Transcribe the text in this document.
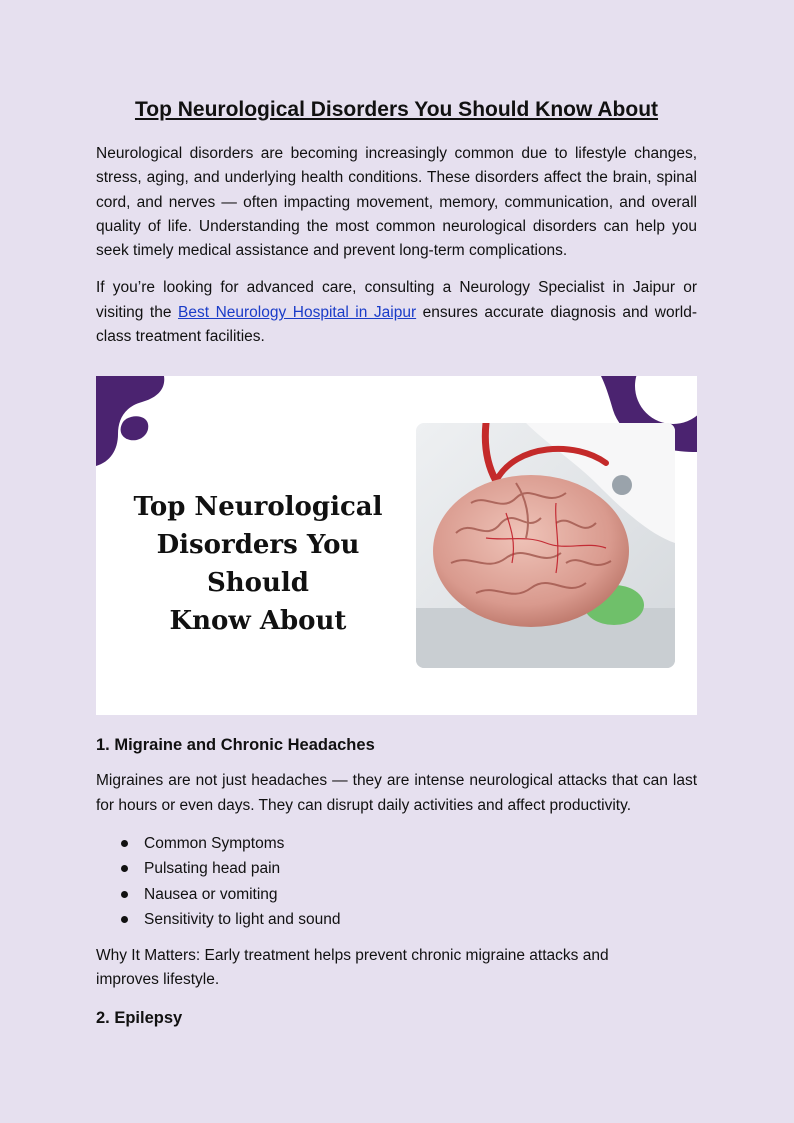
Top Neurological Disorders You Should Know About

Neurological disorders are becoming increasingly common due to lifestyle changes, stress, aging, and underlying health conditions. These disorders affect the brain, spinal cord, and nerves — often impacting movement, memory, communication, and overall quality of life. Understanding the most common neurological disorders can help you seek timely medical assistance and prevent long-term complications.

If you’re looking for advanced care, consulting a Neurology Specialist in Jaipur or visiting the Best Neurology Hospital in Jaipur ensures accurate diagnosis and world-class treatment facilities.

Top Neurological
Disorders You Should
Know About
1. Migraine and Chronic Headaches

Migraines are not just headaches — they are intense neurological attacks that can last for hours or even days. They can disrupt daily activities and affect productivity.

Common Symptoms
Pulsating head pain
Nausea or vomiting
Sensitivity to light and sound

Why It Matters: Early treatment helps prevent chronic migraine attacks and
improves lifestyle.

2. Epilepsy
